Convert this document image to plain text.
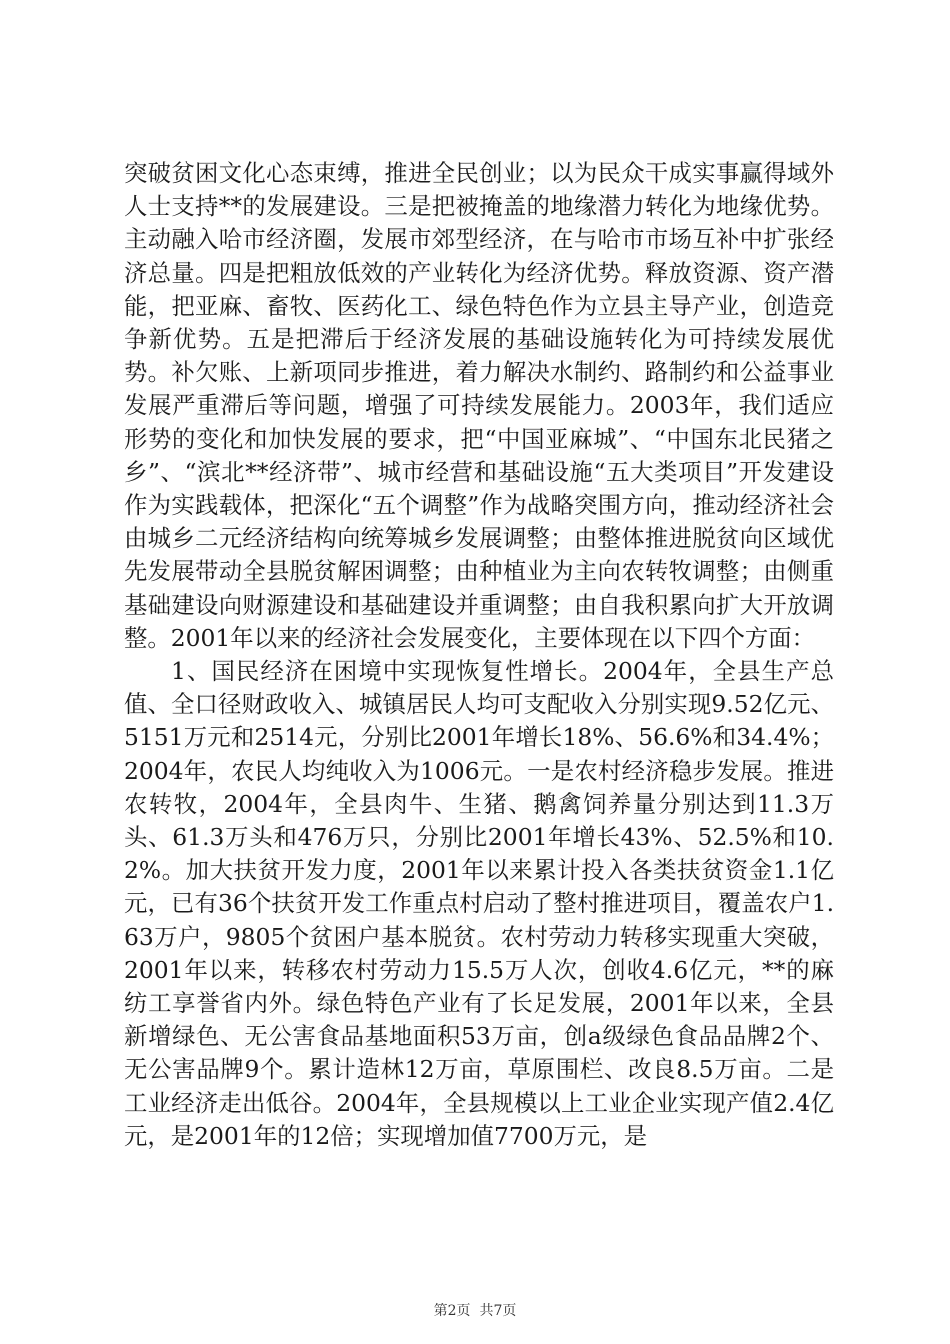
突破贫困文化心态束缚，推进全民创业；以为民众干成实事赢得域外人士支持**的发展建设。三是把被掩盖的地缘潜力转化为地缘优势。主动融入哈市经济圈，发展市郊型经济，在与哈市市场互补中扩张经济总量。四是把粗放低效的产业转化为经济优势。释放资源、资产潜能，把亚麻、畜牧、医药化工、绿色特色作为立县主导产业，创造竞争新优势。五是把滞后于经济发展的基础设施转化为可持续发展优势。补欠账、上新项同步推进，着力解决水制约、路制约和公益事业发展严重滞后等问题，增强了可持续发展能力。2003年，我们适应形势的变化和加快发展的要求，把“中国亚麻城”、“中国东北民猪之乡”、“滨北**经济带”、城市经营和基础设施“五大类项目”开发建设作为实践载体，把深化“五个调整”作为战略突围方向，推动经济社会由城乡二元经济结构向统筹城乡发展调整；由整体推进脱贫向区域优先发展带动全县脱贫解困调整；由种植业为主向农转牧调整；由侧重基础建设向财源建设和基础建设并重调整；由自我积累向扩大开放调整。2001年以来的经济社会发展变化，主要体现在以下四个方面：

1、国民经济在困境中实现恢复性增长。2004年，全县生产总值、全口径财政收入、城镇居民人均可支配收入分别实现9.52亿元、5151万元和2514元，分别比2001年增长18%、56.6%和34.4%；2004年，农民人均纯收入为1006元。一是农村经济稳步发展。推进农转牧，2004年，全县肉牛、生猪、鹅禽饲养量分别达到11.3万头、61.3万头和476万只，分别比2001年增长43%、52.5%和10.2%。加大扶贫开发力度，2001年以来累计投入各类扶贫资金1.1亿元，已有36个扶贫开发工作重点村启动了整村推进项目，覆盖农户1.63万户，9805个贫困户基本脱贫。农村劳动力转移实现重大突破，2001年以来，转移农村劳动力15.5万人次，创收4.6亿元，**的麻纺工享誉省内外。绿色特色产业有了长足发展，2001年以来，全县新增绿色、无公害食品基地面积53万亩，创a级绿色食品品牌2个、无公害品牌9个。累计造林12万亩，草原围栏、改良8.5万亩。二是工业经济走出低谷。2004年，全县规模以上工业企业实现产值2.4亿元，是2001年的12倍；实现增加值7700万元，是

第2页  共7页
